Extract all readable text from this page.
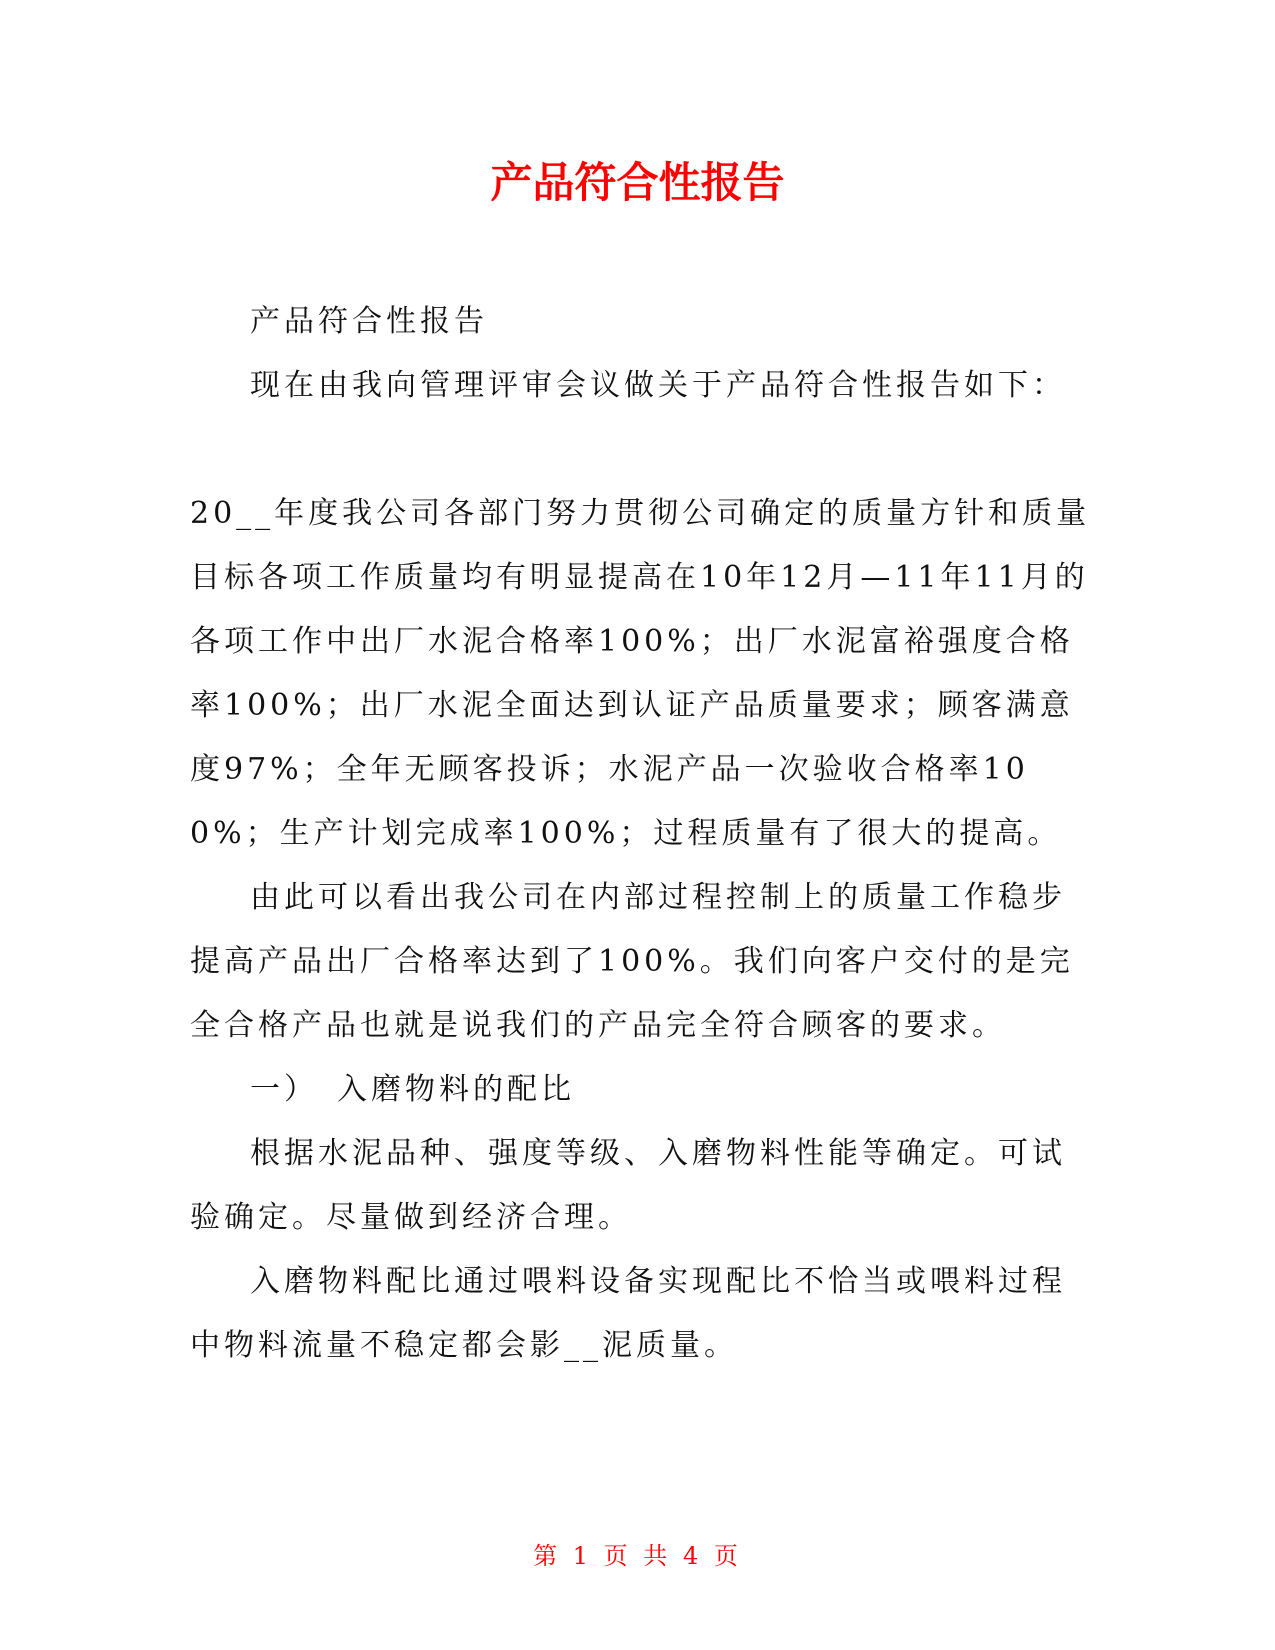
产品符合性报告

产品符合性报告

现在由我向管理评审会议做关于产品符合性报告如下：

20__年度我公司各部门努力贯彻公司确定的质量方针和质量目标各项工作质量均有明显提高在10年12月—11年11月的各项工作中出厂水泥合格率100%；出厂水泥富裕强度合格率100%；出厂水泥全面达到认证产品质量要求；顾客满意度97%；全年无顾客投诉；水泥产品一次验收合格率100%；生产计划完成率100%；过程质量有了很大的提高。

由此可以看出我公司在内部过程控制上的质量工作稳步提高产品出厂合格率达到了100%。我们向客户交付的是完全合格产品也就是说我们的产品完全符合顾客的要求。

一）　入磨物料的配比

根据水泥品种、强度等级、入磨物料性能等确定。可试验确定。尽量做到经济合理。

入磨物料配比通过喂料设备实现配比不恰当或喂料过程中物料流量不稳定都会影__泥质量。

第 1 页 共 4 页
